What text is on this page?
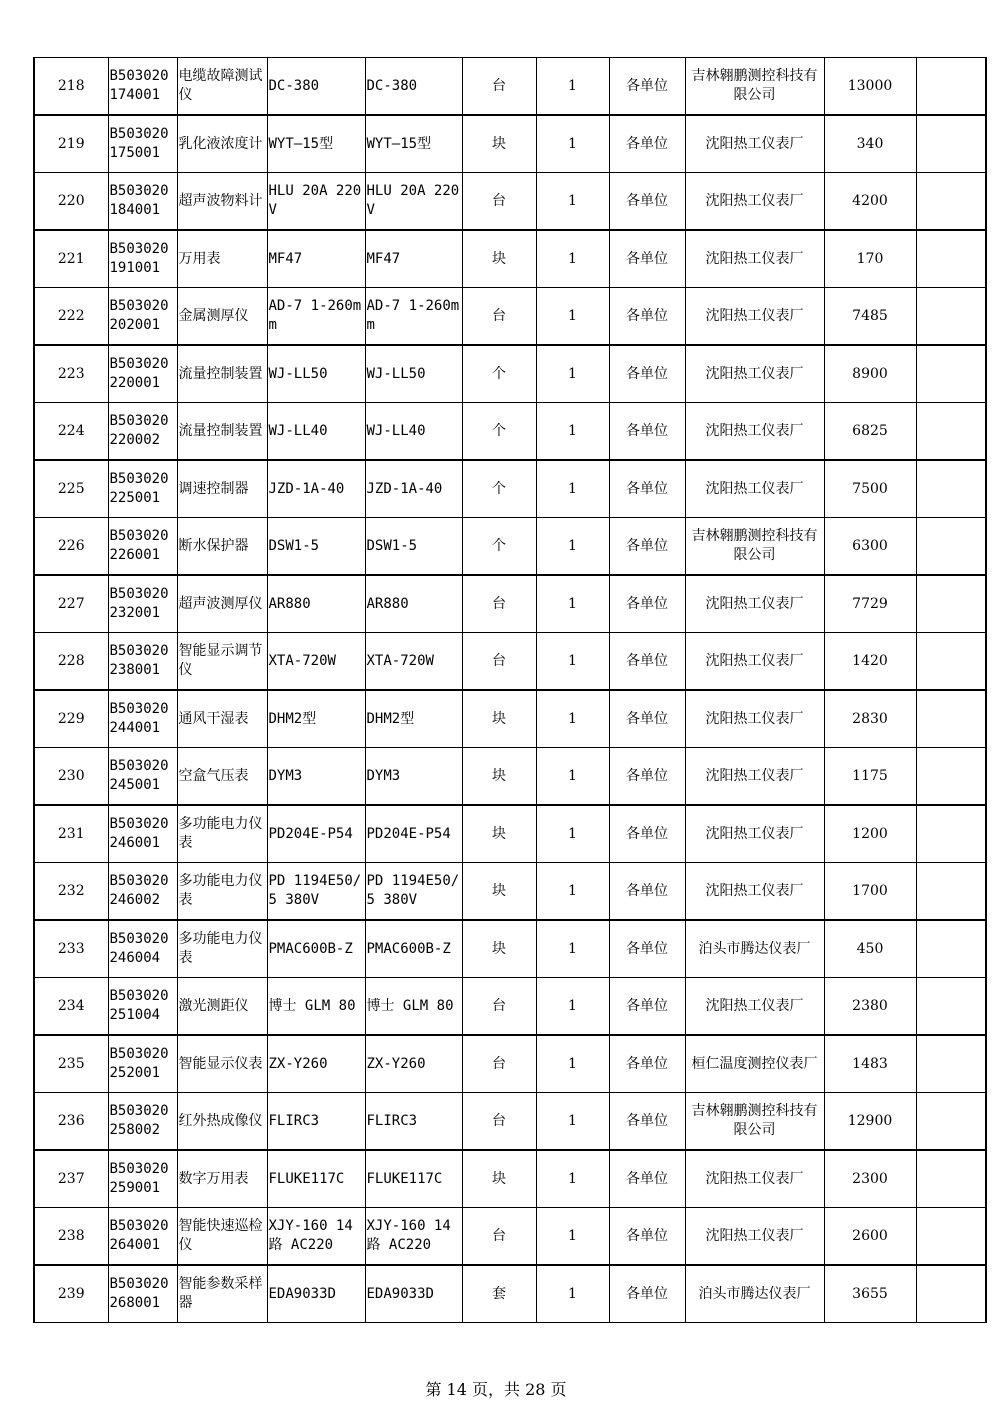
218	B503020174001	电缆故障测试仪	DC-380	DC-380	台	1	各单位	吉林翱鹏测控科技有限公司	13000	
219	B503020175001	乳化液浓度计	WYT—15型	WYT—15型	块	1	各单位	沈阳热工仪表厂	340	
220	B503020184001	超声波物料计	HLU 20A 220V	HLU 20A 220V	台	1	各单位	沈阳热工仪表厂	4200	
221	B503020191001	万用表	MF47	MF47	块	1	各单位	沈阳热工仪表厂	170	
222	B503020202001	金属测厚仪	AD-7 1-260mm	AD-7 1-260mm	台	1	各单位	沈阳热工仪表厂	7485	
223	B503020220001	流量控制装置	WJ-LL50	WJ-LL50	个	1	各单位	沈阳热工仪表厂	8900	
224	B503020220002	流量控制装置	WJ-LL40	WJ-LL40	个	1	各单位	沈阳热工仪表厂	6825	
225	B503020225001	调速控制器	JZD-1A-40	JZD-1A-40	个	1	各单位	沈阳热工仪表厂	7500	
226	B503020226001	断水保护器	DSW1-5	DSW1-5	个	1	各单位	吉林翱鹏测控科技有限公司	6300	
227	B503020232001	超声波测厚仪	AR880	AR880	台	1	各单位	沈阳热工仪表厂	7729	
228	B503020238001	智能显示调节仪	XTA-720W	XTA-720W	台	1	各单位	沈阳热工仪表厂	1420	
229	B503020244001	通风干湿表	DHM2型	DHM2型	块	1	各单位	沈阳热工仪表厂	2830	
230	B503020245001	空盒气压表	DYM3	DYM3	块	1	各单位	沈阳热工仪表厂	1175	
231	B503020246001	多功能电力仪表	PD204E-P54	PD204E-P54	块	1	各单位	沈阳热工仪表厂	1200	
232	B503020246002	多功能电力仪表	PD 1194E50/5 380V	PD 1194E50/5 380V	块	1	各单位	沈阳热工仪表厂	1700	
233	B503020246004	多功能电力仪表	PMAC600B-Z	PMAC600B-Z	块	1	各单位	泊头市腾达仪表厂	450	
234	B503020251004	激光测距仪	博士 GLM 80	博士 GLM 80	台	1	各单位	沈阳热工仪表厂	2380	
235	B503020252001	智能显示仪表	ZX-Y260	ZX-Y260	台	1	各单位	桓仁温度测控仪表厂	1483	
236	B503020258002	红外热成像仪	FLIRC3	FLIRC3	台	1	各单位	吉林翱鹏测控科技有限公司	12900	
237	B503020259001	数字万用表	FLUKE117C	FLUKE117C	块	1	各单位	沈阳热工仪表厂	2300	
238	B503020264001	智能快速巡检仪	XJY-160 14路 AC220	XJY-160 14路 AC220	台	1	各单位	沈阳热工仪表厂	2600	
239	B503020268001	智能参数采样器	EDA9033D	EDA9033D	套	1	各单位	泊头市腾达仪表厂	3655	
第 14 页，共 28 页
